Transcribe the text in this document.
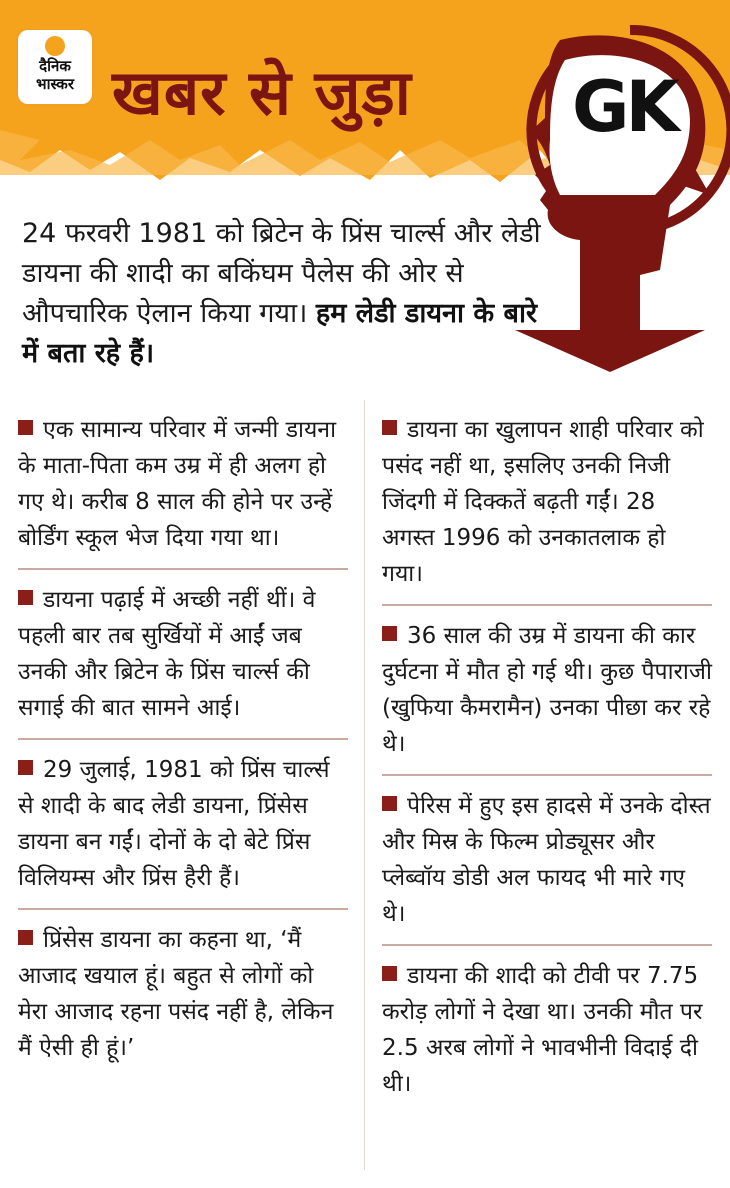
दैनिक
भास्कर खबर से जुड़ा GK
24 फरवरी 1981 को ब्रिटेन के प्रिंस चार्ल्स और लेडी डायना की शादी का बकिंघम पैलेस की ओर से औपचारिक ऐलान किया गया। हम लेडी डायना के बारे में बता रहे हैं।
एक सामान्य परिवार में जन्मी डायना के माता-पिता कम उम्र में ही अलग हो गए थे। करीब 8 साल की होने पर उन्हें बोर्डिंग स्कूल भेज दिया गया था।
डायना पढ़ाई में अच्छी नहीं थीं। वे पहली बार तब सुर्खियों में आईं जब उनकी और ब्रिटेन के प्रिंस चार्ल्स की सगाई की बात सामने आई।
29 जुलाई, 1981 को प्रिंस चार्ल्स से शादी के बाद लेडी डायना, प्रिंसेस डायना बन गईं। दोनों के दो बेटे प्रिंस विलियम्स और प्रिंस हैरी हैं।
प्रिंसेस डायना का कहना था, ‘मैं आजाद खयाल हूं। बहुत से लोगों को मेरा आजाद रहना पसंद नहीं है, लेकिन मैं ऐसी ही हूं।’
डायना का खुलापन शाही परिवार को पसंद नहीं था, इसलिए उनकी निजी जिंदगी में दिक्कतें बढ़ती गईं। 28 अगस्त 1996 को उनकातलाक हो गया।
36 साल की उम्र में डायना की कार दुर्घटना में मौत हो गई थी। कुछ पैपाराजी (खुफिया कैमरामैन) उनका पीछा कर रहे थे।
पेरिस में हुए इस हादसे में उनके दोस्त और मिस्र के फिल्म प्रोड्यूसर और प्लेब्वॉय डोडी अल फायद भी मारे गए थे।
डायना की शादी को टीवी पर 7.75 करोड़ लोगों ने देखा था। उनकी मौत पर 2.5 अरब लोगों ने भावभीनी विदाई दी थी।
